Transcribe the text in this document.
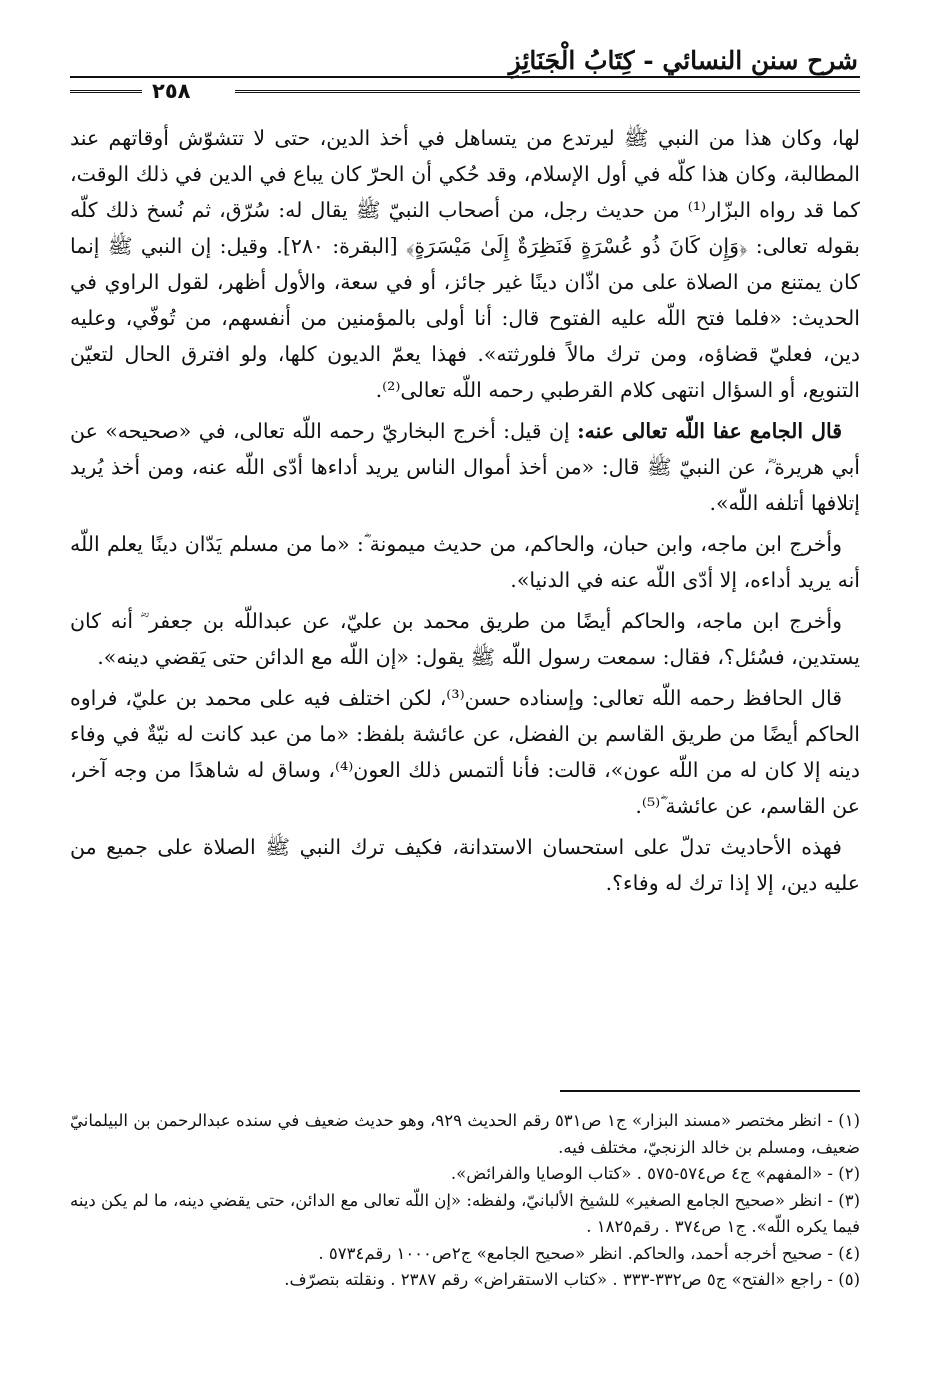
شرح سنن النسائي - كِتَابُ الْجَنَائِزِ
٢٥٨

لها، وكان هذا من النبي ﷺ ليرتدع من يتساهل في أخذ الدين، حتى لا تتشوّش أوقاتهم عند المطالبة، وكان هذا كلّه في أول الإسلام، وقد حُكي أن الحرّ كان يباع في الدين في ذلك الوقت، كما قد رواه البزّار⁽¹⁾ من حديث رجل، من أصحاب النبيّ ﷺ يقال له: سُرّق، ثم نُسخ ذلك كلّه بقوله تعالى: ﴿وَإِن كَانَ ذُو عُسْرَةٍ فَنَظِرَةٌ إِلَىٰ مَيْسَرَةٍ﴾ [البقرة: ٢٨٠]. وقيل: إن النبي ﷺ إنما كان يمتنع من الصلاة على من اذّان دينًا غير جائز، أو في سعة، والأول أظهر، لقول الراوي في الحديث: «فلما فتح اللّه عليه الفتوح قال: أنا أولى بالمؤمنين من أنفسهم، من تُوفّي، وعليه دين، فعليّ قضاؤه، ومن ترك مالاً فلورثته». فهذا يعمّ الديون كلها، ولو افترق الحال لتعيّن التنويع، أو السؤال انتهى كلام القرطبي رحمه اللّه تعالى⁽²⁾.

قال الجامع عفا اللّه تعالى عنه: إن قيل: أخرج البخاريّ رحمه اللّه تعالى، في «صحيحه» عن أبي هريرة ؓ، عن النبيّ ﷺ قال: «من أخذ أموال الناس يريد أداءها أدّى اللّه عنه، ومن أخذ يُريد إتلافها أتلفه اللّه».

وأخرج ابن ماجه، وابن حبان، والحاكم، من حديث ميمونة ؓ: «ما من مسلم يَدّان دينًا يعلم اللّه أنه يريد أداءه، إلا أدّى اللّه عنه في الدنيا».

وأخرج ابن ماجه، والحاكم أيضًا من طريق محمد بن عليّ، عن عبداللّه بن جعفر ؓ أنه كان يستدين، فسُئل؟، فقال: سمعت رسول اللّه ﷺ يقول: «إن اللّه مع الدائن حتى يَقضي دينه».

قال الحافظ رحمه اللّه تعالى: وإسناده حسن⁽³⁾، لكن اختلف فيه على محمد بن عليّ، فراوه الحاكم أيضًا من طريق القاسم بن الفضل، عن عائشة بلفظ: «ما من عبد كانت له نيّةٌ في وفاء دينه إلا كان له من اللّه عون»، قالت: فأنا ألتمس ذلك العون⁽⁴⁾، وساق له شاهدًا من وجه آخر، عن القاسم، عن عائشة ؓ⁽⁵⁾.

فهذه الأحاديث تدلّ على استحسان الاستدانة، فكيف ترك النبي ﷺ الصلاة على جميع من عليه دين، إلا إذا ترك له وفاء؟.

(١) - انظر مختصر «مسند البزار» ج١ ص٥٣١ رقم الحديث ٩٢٩، وهو حديث ضعيف في سنده عبدالرحمن بن البيلمانيّ ضعيف، ومسلم بن خالد الزنجيّ، مختلف فيه.

(٢) - «المفهم» ج٤ ص٥٧٤-٥٧٥ . «كتاب الوصايا والفرائض».

(٣) - انظر «صحيح الجامع الصغير» للشيخ الألبانيّ، ولفظه: «إن اللّه تعالى مع الدائن، حتى يقضي دينه، ما لم يكن دينه فيما يكره اللّه». ج١ ص٣٧٤ . رقم١٨٢٥ .

(٤) - صحيح أخرجه أحمد، والحاكم. انظر «صحيح الجامع» ج٢ص١٠٠٠ رقم٥٧٣٤ .

(٥) - راجع «الفتح» ج٥ ص٣٣٢-٣٣٣ . «كتاب الاستقراض» رقم ٢٣٨٧ . ونقلته بتصرّف.
